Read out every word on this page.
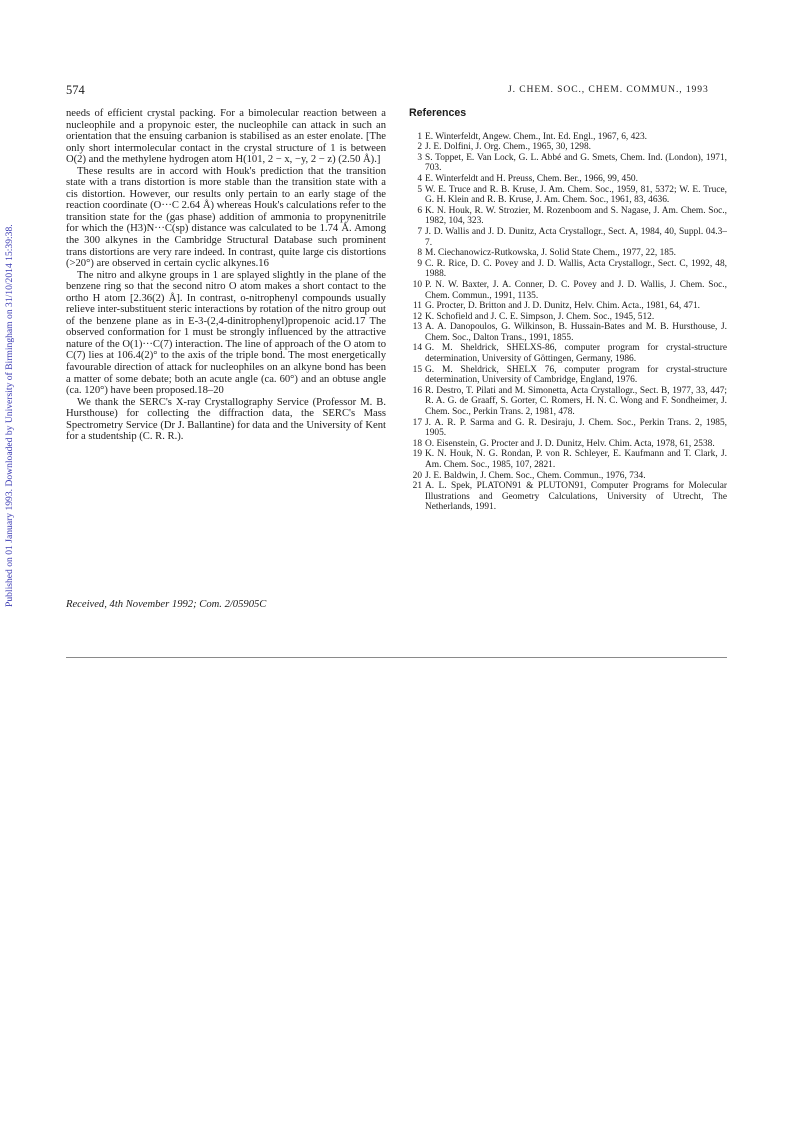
Published on 01 January 1993. Downloaded by University of Birmingham on 31/10/2014 15:39:38.
574	J. CHEM. SOC., CHEM. COMMUN., 1993

needs of efficient crystal packing. For a bimolecular reaction between a nucleophile and a propynoic ester, the nucleophile can attack in such an orientation that the ensuing carbanion is stabilised as an ester enolate. [The only short intermolecular contact in the crystal structure of 1 is between O(2) and the methylene hydrogen atom H(101, 2 − x, −y, 2 − z) (2.50 Å).]

These results are in accord with Houk's prediction that the transition state with a trans distortion is more stable than the transition state with a cis distortion. However, our results only pertain to an early stage of the reaction coordinate (O···C 2.64 Å) whereas Houk's calculations refer to the transition state for the (gas phase) addition of ammonia to propynenitrile for which the (H3)N···C(sp) distance was calculated to be 1.74 Å. Among the 300 alkynes in the Cambridge Structural Database such prominent trans distortions are very rare indeed. In contrast, quite large cis distortions (>20°) are observed in certain cyclic alkynes.16

The nitro and alkyne groups in 1 are splayed slightly in the plane of the benzene ring so that the second nitro O atom makes a short contact to the ortho H atom [2.36(2) Å]. In contrast, o-nitrophenyl compounds usually relieve inter-substituent steric interactions by rotation of the nitro group out of the benzene plane as in E-3-(2,4-dinitrophenyl)propenoic acid.17 The observed conformation for 1 must be strongly influenced by the attractive nature of the O(1)···C(7) interaction. The line of approach of the O atom to C(7) lies at 106.4(2)° to the axis of the triple bond. The most energetically favourable direction of attack for nucleophiles on an alkyne bond has been a matter of some debate; both an acute angle (ca. 60°) and an obtuse angle (ca. 120°) have been proposed.18–20

We thank the SERC's X-ray Crystallography Service (Professor M. B. Hursthouse) for collecting the diffraction data, the SERC's Mass Spectrometry Service (Dr J. Ballantine) for data and the University of Kent for a studentship (C. R. R.).

Received, 4th November 1992; Com. 2/05905C
References
1 E. Winterfeldt, Angew. Chem., Int. Ed. Engl., 1967, 6, 423.
2 J. E. Dolfini, J. Org. Chem., 1965, 30, 1298.
3 S. Toppet, E. Van Lock, G. L. Abbé and G. Smets, Chem. Ind. (London), 1971, 703.
4 E. Winterfeldt and H. Preuss, Chem. Ber., 1966, 99, 450.
5 W. E. Truce and R. B. Kruse, J. Am. Chem. Soc., 1959, 81, 5372; W. E. Truce, G. H. Klein and R. B. Kruse, J. Am. Chem. Soc., 1961, 83, 4636.
6 K. N. Houk, R. W. Strozier, M. Rozenboom and S. Nagase, J. Am. Chem. Soc., 1982, 104, 323.
7 J. D. Wallis and J. D. Dunitz, Acta Crystallogr., Sect. A, 1984, 40, Suppl. 04.3–7.
8 M. Ciechanowicz-Rutkowska, J. Solid State Chem., 1977, 22, 185.
9 C. R. Rice, D. C. Povey and J. D. Wallis, Acta Crystallogr., Sect. C, 1992, 48, 1988.
10 P. N. W. Baxter, J. A. Conner, D. C. Povey and J. D. Wallis, J. Chem. Soc., Chem. Commun., 1991, 1135.
11 G. Procter, D. Britton and J. D. Dunitz, Helv. Chim. Acta., 1981, 64, 471.
12 K. Schofield and J. C. E. Simpson, J. Chem. Soc., 1945, 512.
13 A. A. Danopoulos, G. Wilkinson, B. Hussain-Bates and M. B. Hursthouse, J. Chem. Soc., Dalton Trans., 1991, 1855.
14 G. M. Sheldrick, SHELXS-86, computer program for crystal-structure determination, University of Göttingen, Germany, 1986.
15 G. M. Sheldrick, SHELX 76, computer program for crystal-structure determination, University of Cambridge, England, 1976.
16 R. Destro, T. Pilati and M. Simonetta, Acta Crystallogr., Sect. B, 1977, 33, 447; R. A. G. de Graaff, S. Gorter, C. Romers, H. N. C. Wong and F. Sondheimer, J. Chem. Soc., Perkin Trans. 2, 1981, 478.
17 J. A. R. P. Sarma and G. R. Desiraju, J. Chem. Soc., Perkin Trans. 2, 1985, 1905.
18 O. Eisenstein, G. Procter and J. D. Dunitz, Helv. Chim. Acta, 1978, 61, 2538.
19 K. N. Houk, N. G. Rondan, P. von R. Schleyer, E. Kaufmann and T. Clark, J. Am. Chem. Soc., 1985, 107, 2821.
20 J. E. Baldwin, J. Chem. Soc., Chem. Commun., 1976, 734.
21 A. L. Spek, PLATON91 & PLUTON91, Computer Programs for Molecular Illustrations and Geometry Calculations, University of Utrecht, The Netherlands, 1991.
